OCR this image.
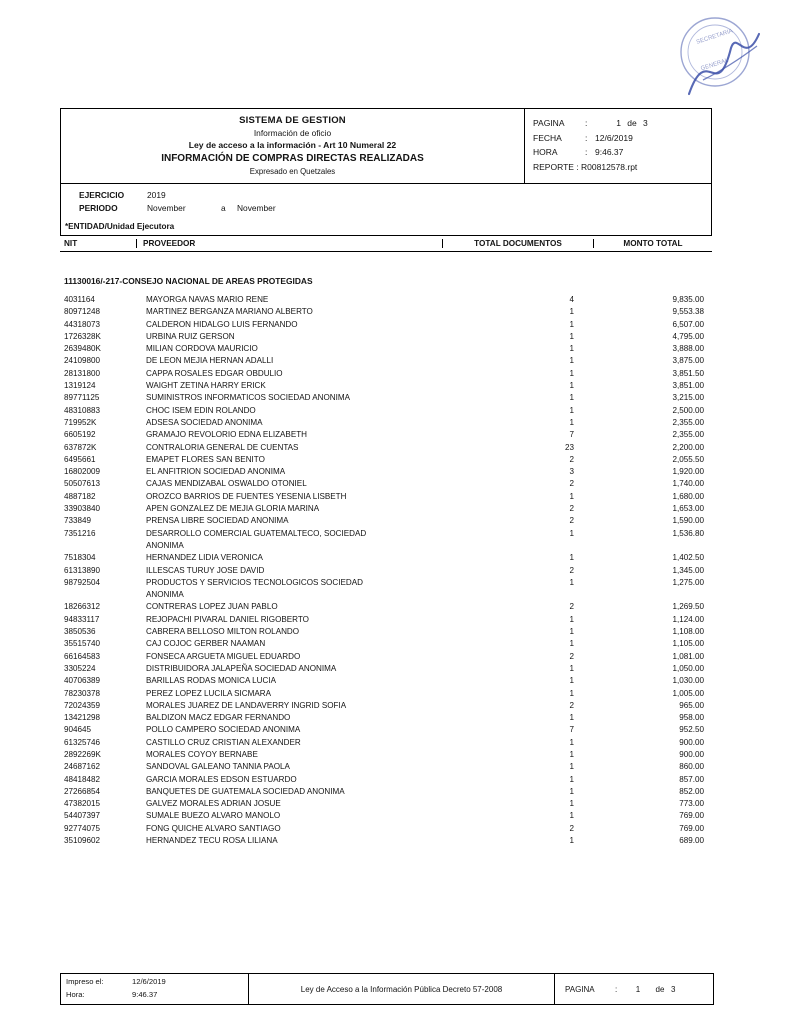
SECRETARIA
GENERAL
SISTEMA DE GESTION
Información de oficio
Ley de acceso a la información - Art 10 Numeral 22
INFORMACIÓN DE COMPRAS DIRECTAS REALIZADAS
Expresado en Quetzales
PAGINA :	1 de 3
FECHA	: 12/6/2019
HORA	: 9:46.37
REPORTE : R00812578.rpt
EJERCICIO	2019
PERIODO	November	a November
*ENTIDAD/Unidad Ejecutora
NIT	PROVEEDOR	TOTAL DOCUMENTOS	MONTO TOTAL
11130016/-217-CONSEJO NACIONAL DE AREAS PROTEGIDAS
4031164	MAYORGA NAVAS MARIO RENE	4	9,835.00
80971248	MARTINEZ BERGANZA MARIANO ALBERTO	1	9,553.38
44318073	CALDERON HIDALGO LUIS FERNANDO	1	6,507.00
1726328K	URBINA RUIZ GERSON	1	4,795.00
2639480K	MILIAN CORDOVA MAURICIO	1	3,888.00
24109800	DE LEON MEJIA HERNAN ADALLI	1	3,875.00
28131800	CAPPA ROSALES EDGAR OBDULIO	1	3,851.50
1319124	WAIGHT ZETINA HARRY ERICK	1	3,851.00
89771125	SUMINISTROS INFORMATICOS SOCIEDAD ANONIMA	1	3,215.00
48310883	CHOC ISEM EDIN ROLANDO	1	2,500.00
719952K	ADSESA SOCIEDAD ANONIMA	1	2,355.00
6605192	GRAMAJO REVOLORIO EDNA ELIZABETH	7	2,355.00
637872K	CONTRALORIA GENERAL DE CUENTAS	23	2,200.00
6495661	EMAPET FLORES SAN BENITO	2	2,055.50
16802009	EL ANFITRION SOCIEDAD ANONIMA	3	1,920.00
50507613	CAJAS MENDIZABAL OSWALDO OTONIEL	2	1,740.00
4887182	OROZCO BARRIOS DE FUENTES YESENIA LISBETH	1	1,680.00
33903840	APEN GONZALEZ DE MEJIA GLORIA MARINA	2	1,653.00
733849	PRENSA LIBRE SOCIEDAD ANONIMA	2	1,590.00
7351216	DESARROLLO COMERCIAL GUATEMALTECO, SOCIEDAD
ANONIMA
1	1,536.80
7518304	HERNANDEZ LIDIA VERONICA	1	1,402.50
61313890	ILLESCAS TURUY JOSE DAVID	2	1,345.00
98792504	PRODUCTOS Y SERVICIOS TECNOLOGICOS SOCIEDAD
ANONIMA
1	1,275.00
18266312	CONTRERAS LOPEZ JUAN PABLO	2	1,269.50
94833117	REJOPACHI PIVARAL DANIEL RIGOBERTO	1	1,124.00
3850536	CABRERA BELLOSO MILTON ROLANDO	1	1,108.00
35515740	CAJ COJOC GERBER NAAMAN	1	1,105.00
66164583	FONSECA ARGUETA MIGUEL EDUARDO	2	1,081.00
3305224	DISTRIBUIDORA JALAPEÑA SOCIEDAD ANONIMA	1	1,050.00
40706389	BARILLAS RODAS MONICA LUCIA	1	1,030.00
78230378	PEREZ LOPEZ LUCILA SICMARA	1	1,005.00
72024359	MORALES JUAREZ DE LANDAVERRY INGRID SOFIA	2	965.00
13421298	BALDIZON MACZ EDGAR FERNANDO	1	958.00
904645	POLLO CAMPERO SOCIEDAD ANONIMA	7	952.50
61325746	CASTILLO CRUZ CRISTIAN ALEXANDER	1	900.00
2892269K	MORALES COYOY BERNABE	1	900.00
24687162	SANDOVAL GALEANO TANNIA PAOLA	1	860.00
48418482	GARCIA MORALES EDSON ESTUARDO	1	857.00
27266854	BANQUETES DE GUATEMALA SOCIEDAD ANONIMA	1	852.00
47382015	GALVEZ MORALES ADRIAN JOSUE	1	773.00
54407397	SUMALE BUEZO ALVARO MANOLO	1	769.00
92774075	FONG QUICHE ALVARO SANTIAGO	2	769.00
35109602	HERNANDEZ TECU ROSA LILIANA	1	689.00
Impreso el:	12/6/2019
Hora:	9:46.37
Ley de Acceso a la Información Pública Decreto 57-2008	PAGINA	:	1	de 3
